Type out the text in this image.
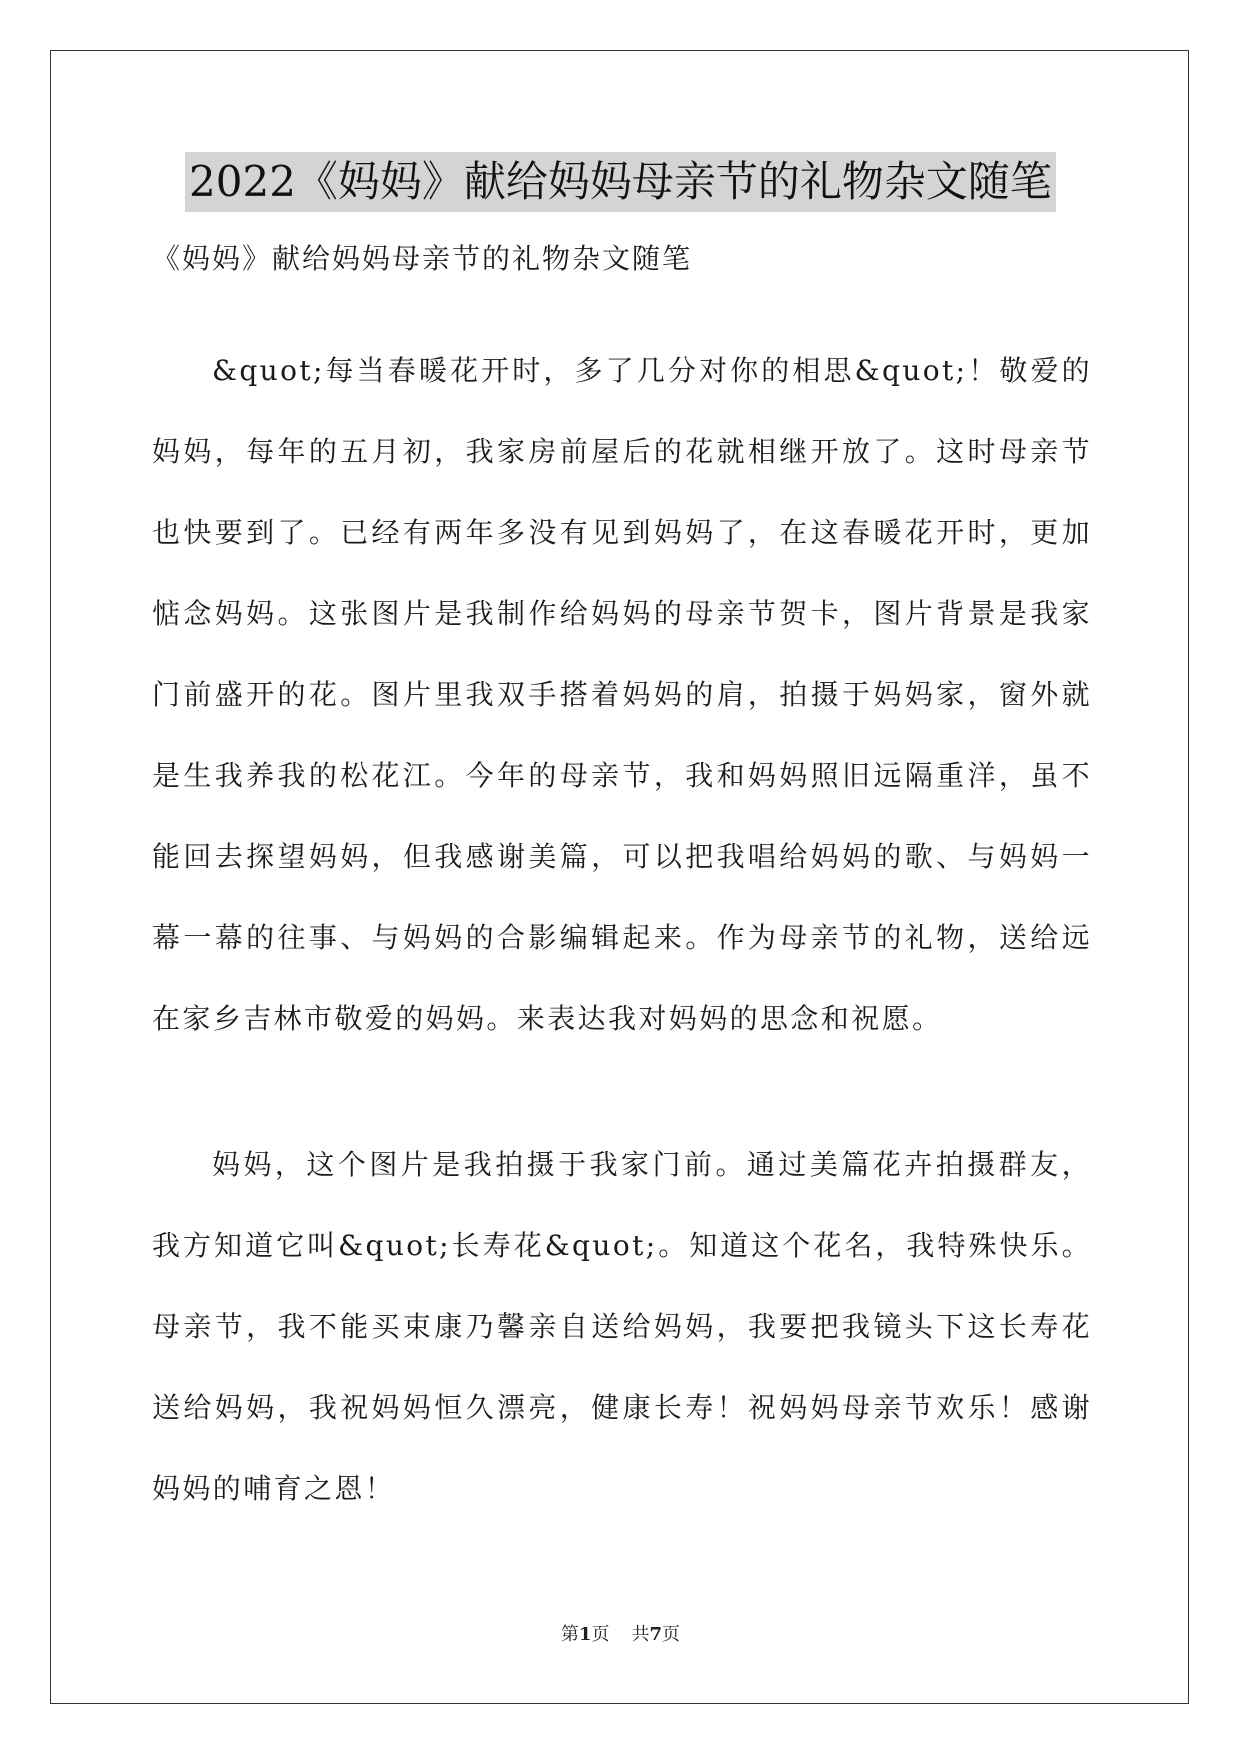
2022《妈妈》献给妈妈母亲节的礼物杂文随笔
《妈妈》献给妈妈母亲节的礼物杂文随笔

&quot;每当春暖花开时，多了几分对你的相思&quot;！敬爱的妈妈，每年的五月初，我家房前屋后的花就相继开放了。这时母亲节也快要到了。已经有两年多没有见到妈妈了，在这春暖花开时，更加惦念妈妈。这张图片是我制作给妈妈的母亲节贺卡，图片背景是我家门前盛开的花。图片里我双手搭着妈妈的肩，拍摄于妈妈家，窗外就是生我养我的松花江。今年的母亲节，我和妈妈照旧远隔重洋，虽不能回去探望妈妈，但我感谢美篇，可以把我唱给妈妈的歌、与妈妈一幕一幕的往事、与妈妈的合影编辑起来。作为母亲节的礼物，送给远在家乡吉林市敬爱的妈妈。来表达我对妈妈的思念和祝愿。

妈妈，这个图片是我拍摄于我家门前。通过美篇花卉拍摄群友，我方知道它叫&quot;长寿花&quot;。知道这个花名，我特殊快乐。母亲节，我不能买束康乃馨亲自送给妈妈，我要把我镜头下这长寿花送给妈妈，我祝妈妈恒久漂亮，健康长寿！祝妈妈母亲节欢乐！感谢妈妈的哺育之恩！

第1页 共7页
